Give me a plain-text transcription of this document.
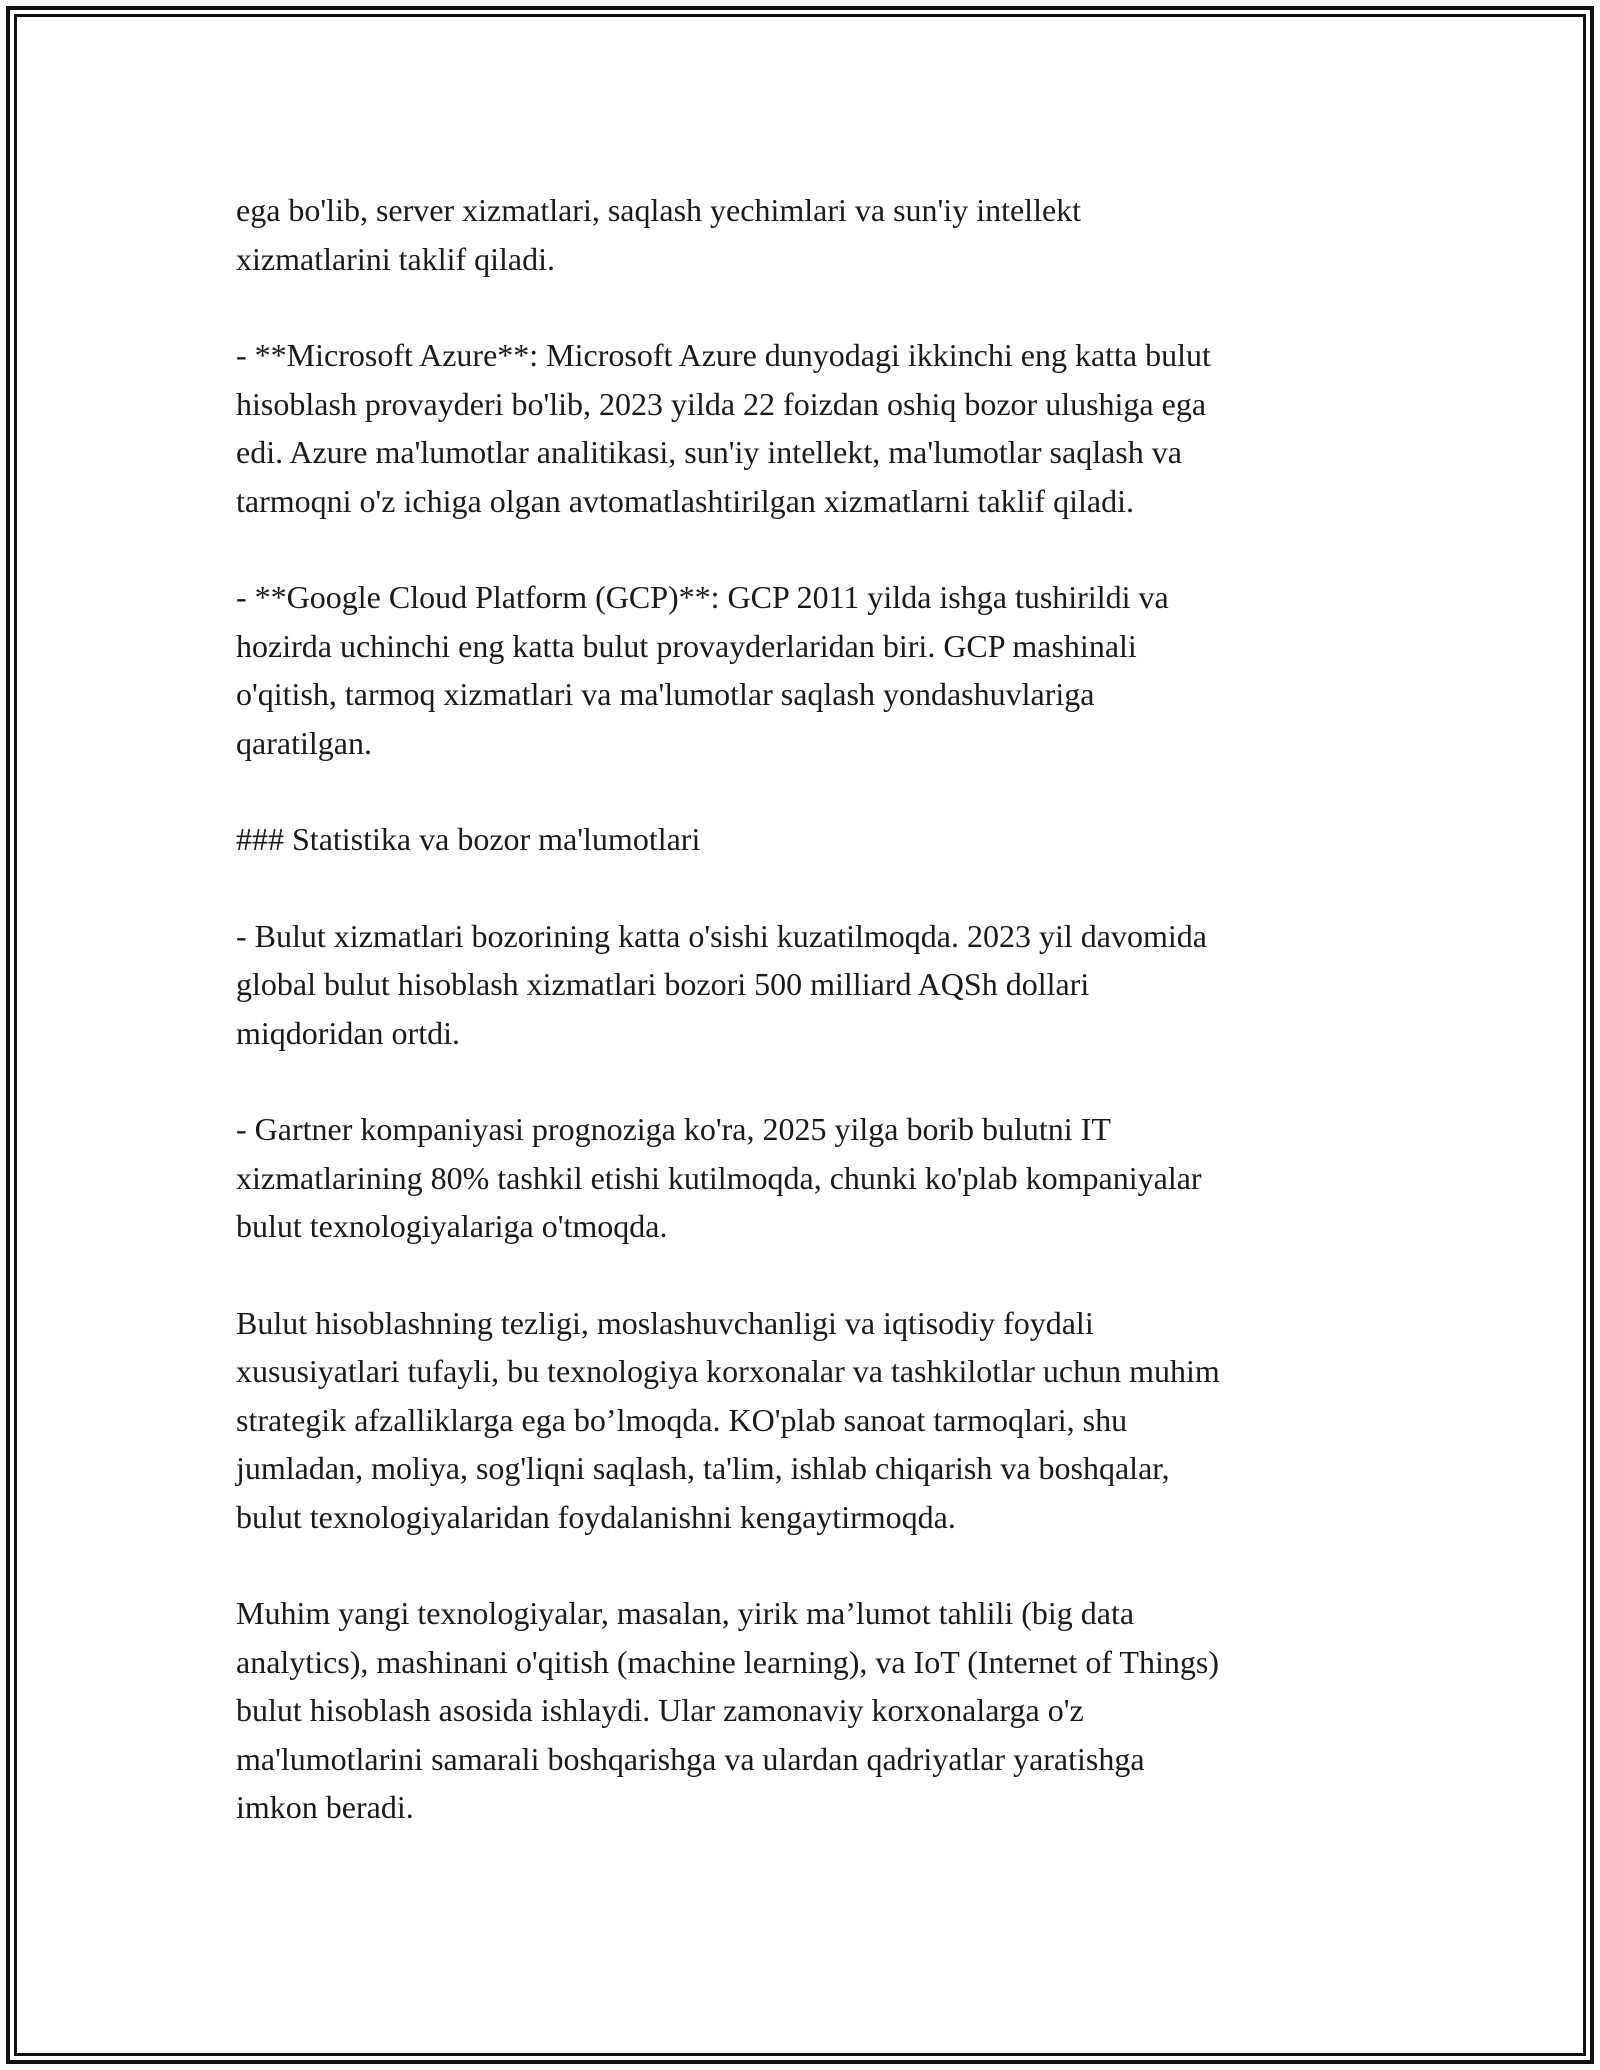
ega bo'lib, server xizmatlari, saqlash yechimlari va sun'iy intellekt
xizmatlarini taklif qiladi.

- **Microsoft Azure**: Microsoft Azure dunyodagi ikkinchi eng katta bulut
hisoblash provayderi bo'lib, 2023 yilda 22 foizdan oshiq bozor ulushiga ega
edi. Azure ma'lumotlar analitikasi, sun'iy intellekt, ma'lumotlar saqlash va
tarmoqni o'z ichiga olgan avtomatlashtirilgan xizmatlarni taklif qiladi.

- **Google Cloud Platform (GCP)**: GCP 2011 yilda ishga tushirildi va
hozirda uchinchi eng katta bulut provayderlaridan biri. GCP mashinali
o'qitish, tarmoq xizmatlari va ma'lumotlar saqlash yondashuvlariga
qaratilgan.

### Statistika va bozor ma'lumotlari

- Bulut xizmatlari bozorining katta o'sishi kuzatilmoqda. 2023 yil davomida
global bulut hisoblash xizmatlari bozori 500 milliard AQSh dollari
miqdoridan ortdi.

- Gartner kompaniyasi prognoziga ko'ra, 2025 yilga borib bulutni IT
xizmatlarining 80% tashkil etishi kutilmoqda, chunki ko'plab kompaniyalar
bulut texnologiyalariga o'tmoqda.

Bulut hisoblashning tezligi, moslashuvchanligi va iqtisodiy foydali
xususiyatlari tufayli, bu texnologiya korxonalar va tashkilotlar uchun muhim
strategik afzalliklarga ega bo’lmoqda. KO'plab sanoat tarmoqlari, shu
jumladan, moliya, sog'liqni saqlash, ta'lim, ishlab chiqarish va boshqalar,
bulut texnologiyalaridan foydalanishni kengaytirmoqda.

Muhim yangi texnologiyalar, masalan, yirik ma’lumot tahlili (big data
analytics), mashinani o'qitish (machine learning), va IoT (Internet of Things)
bulut hisoblash asosida ishlaydi. Ular zamonaviy korxonalarga o'z
ma'lumotlarini samarali boshqarishga va ulardan qadriyatlar yaratishga
imkon beradi.
